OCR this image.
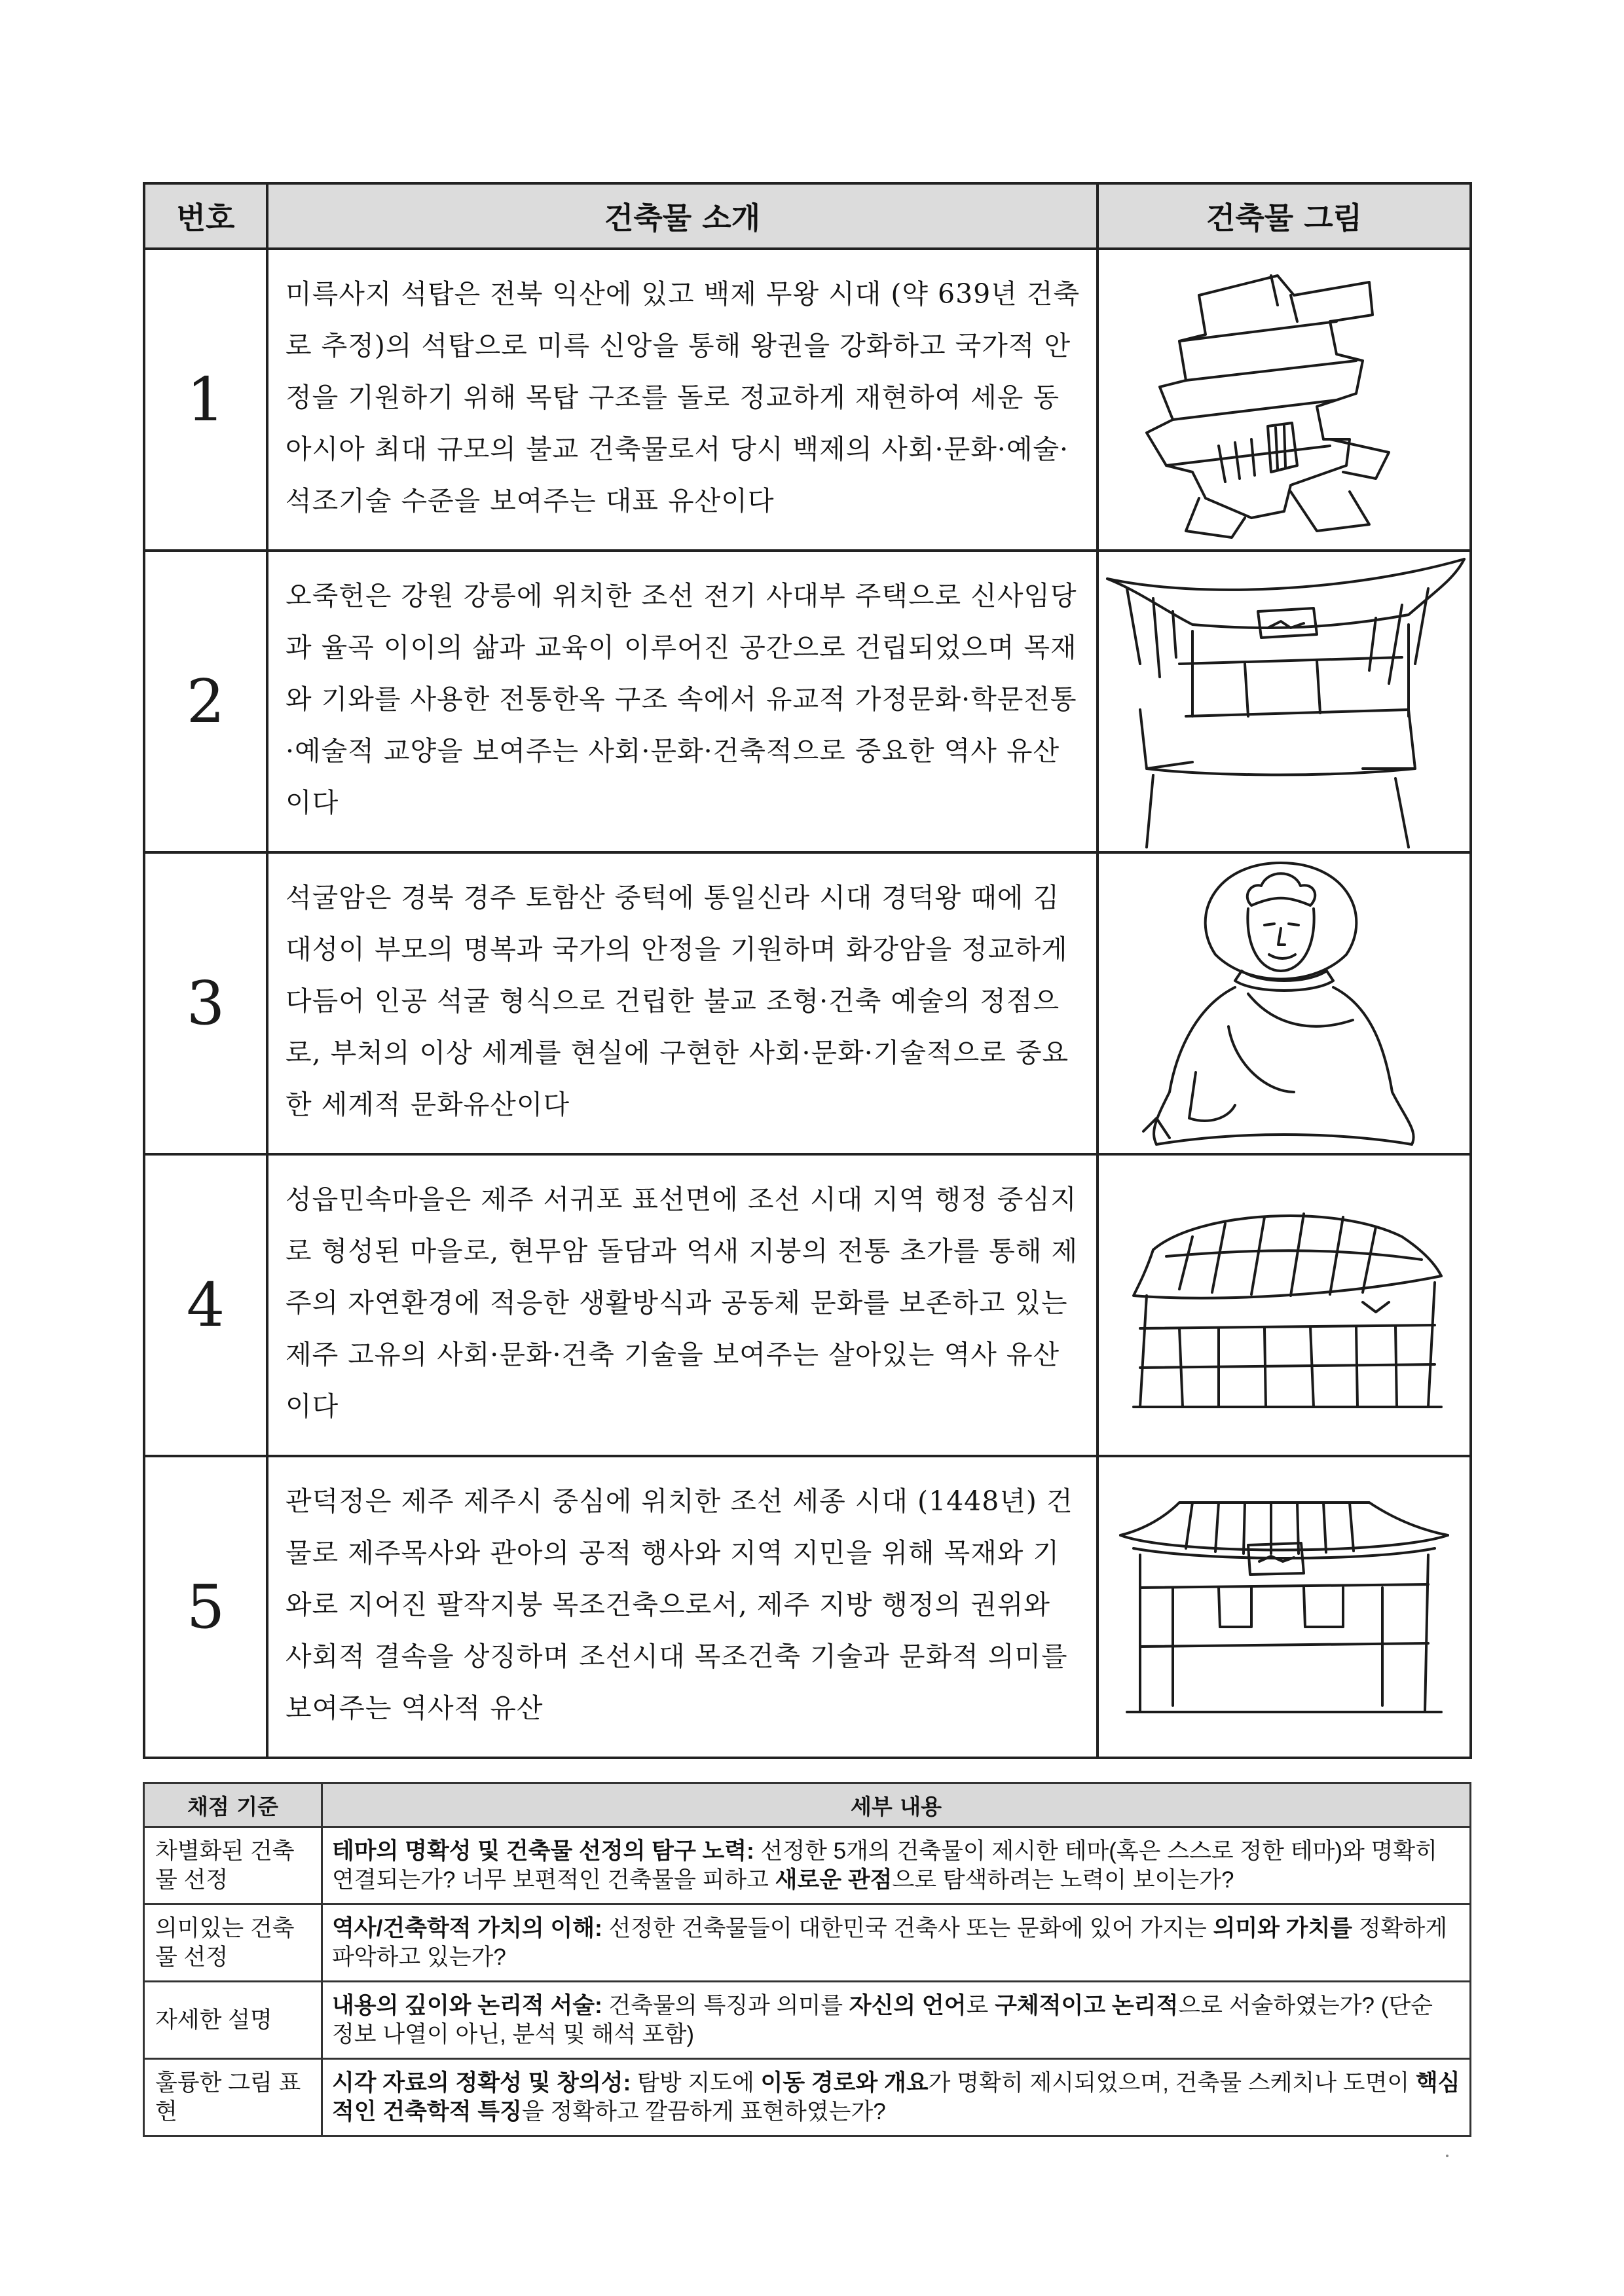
번호	건축물 소개	건축물 그림
1	미륵사지 석탑은 전북 익산에 있고 백제 무왕 시대 (약 639년 건축로 추정)의 석탑으로 미륵 신앙을 통해 왕권을 강화하고 국가적 안정을 기원하기 위해 목탑 구조를 돌로 정교하게 재현하여 세운 동아시아 최대 규모의 불교 건축물로서 당시 백제의 사회·문화·예술·석조기술 수준을 보여주는 대표 유산이다

2	오죽헌은 강원 강릉에 위치한 조선 전기 사대부 주택으로 신사임당과 율곡 이이의 삶과 교육이 이루어진 공간으로 건립되었으며 목재와 기와를 사용한 전통한옥 구조 속에서 유교적 가정문화·학문전통·예술적 교양을 보여주는 사회·문화·건축적으로 중요한 역사 유산이다

3	석굴암은 경북 경주 토함산 중턱에 통일신라 시대 경덕왕 때에 김대성이 부모의 명복과 국가의 안정을 기원하며 화강암을 정교하게 다듬어 인공 석굴 형식으로 건립한 불교 조형·건축 예술의 정점으로, 부처의 이상 세계를 현실에 구현한 사회·문화·기술적으로 중요한 세계적 문화유산이다

4	성읍민속마을은 제주 서귀포 표선면에 조선 시대 지역 행정 중심지로 형성된 마을로, 현무암 돌담과 억새 지붕의 전통 초가를 통해 제주의 자연환경에 적응한 생활방식과 공동체 문화를 보존하고 있는 제주 고유의 사회·문화·건축 기술을 보여주는 살아있는 역사 유산이다

5	관덕정은 제주 제주시 중심에 위치한 조선 세종 시대 (1448년) 건물로 제주목사와 관아의 공적 행사와 지역 지민을 위해 목재와 기와로 지어진 팔작지붕 목조건축으로서, 제주 지방 행정의 권위와 사회적 결속을 상징하며 조선시대 목조건축 기술과 문화적 의미를 보여주는 역사적 유산

채점 기준	세부 내용
차별화된 건축물 선정	테마의 명확성 및 건축물 선정의 탐구 노력: 선정한 5개의 건축물이 제시한 테마(혹은 스스로 정한 테마)와 명확히 연결되는가? 너무 보편적인 건축물을 피하고 새로운 관점으로 탐색하려는 노력이 보이는가?
의미있는 건축물 선정	역사/건축학적 가치의 이해: 선정한 건축물들이 대한민국 건축사 또는 문화에 있어 가지는 의미와 가치를 정확하게 파악하고 있는가?
자세한 설명	내용의 깊이와 논리적 서술: 건축물의 특징과 의미를 자신의 언어로 구체적이고 논리적으로 서술하였는가? (단순 정보 나열이 아닌, 분석 및 해석 포함)
훌륭한 그림 표현	시각 자료의 정확성 및 창의성: 탐방 지도에 이동 경로와 개요가 명확히 제시되었으며, 건축물 스케치나 도면이 핵심적인 건축학적 특징을 정확하고 깔끔하게 표현하였는가?
